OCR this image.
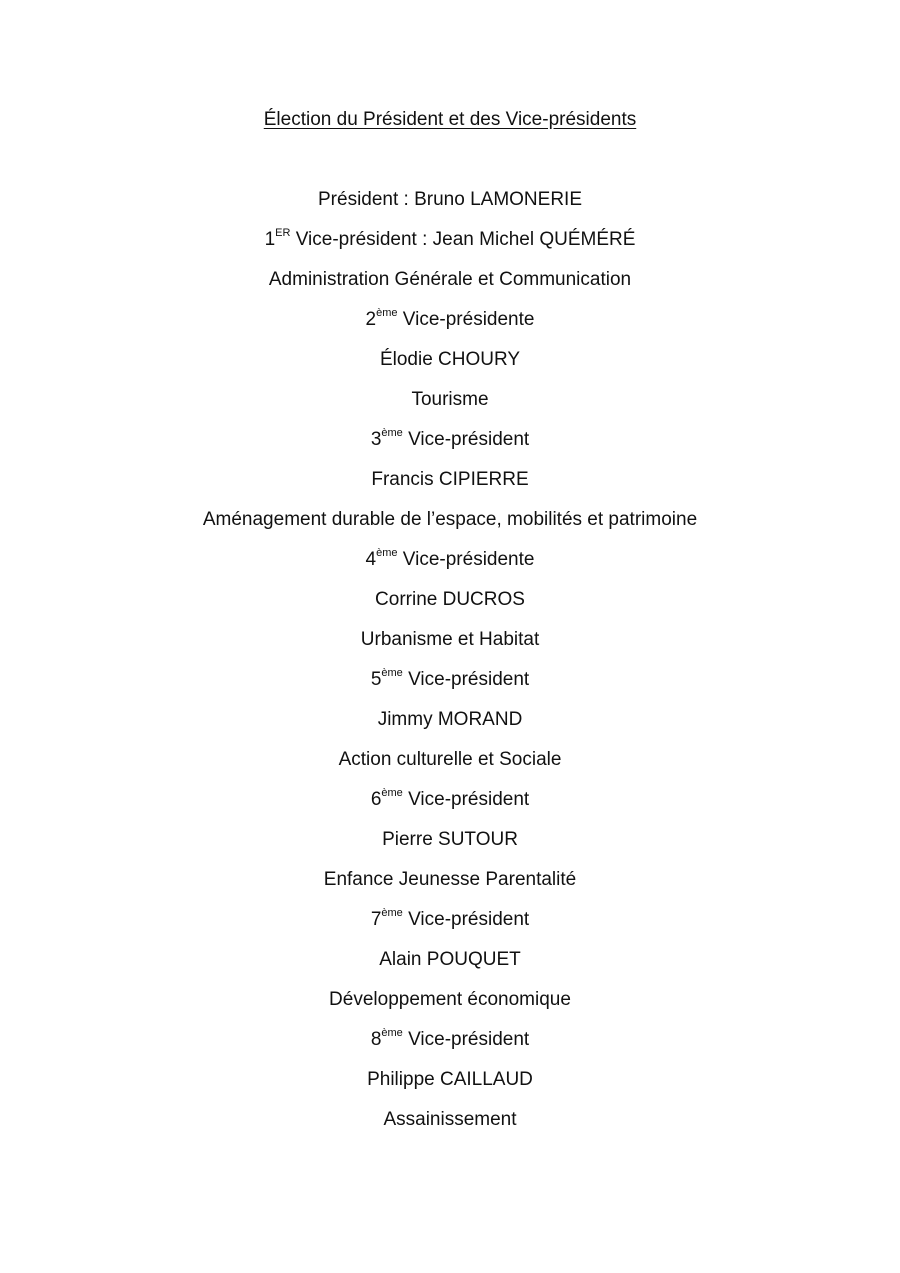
Élection du Président et des Vice-présidents
Président : Bruno LAMONERIE
1ER Vice-président : Jean Michel QUÉMÉRÉ
Administration Générale et Communication
2ème Vice-présidente
Élodie CHOURY
Tourisme
3ème Vice-président
Francis CIPIERRE
Aménagement durable de l’espace, mobilités et patrimoine
4ème Vice-présidente
Corrine DUCROS
Urbanisme et Habitat
5ème Vice-président
Jimmy MORAND
Action culturelle et Sociale
6ème Vice-président
Pierre SUTOUR
Enfance Jeunesse Parentalité
7ème Vice-président
Alain POUQUET
Développement économique
8ème Vice-président
Philippe CAILLAUD
Assainissement
